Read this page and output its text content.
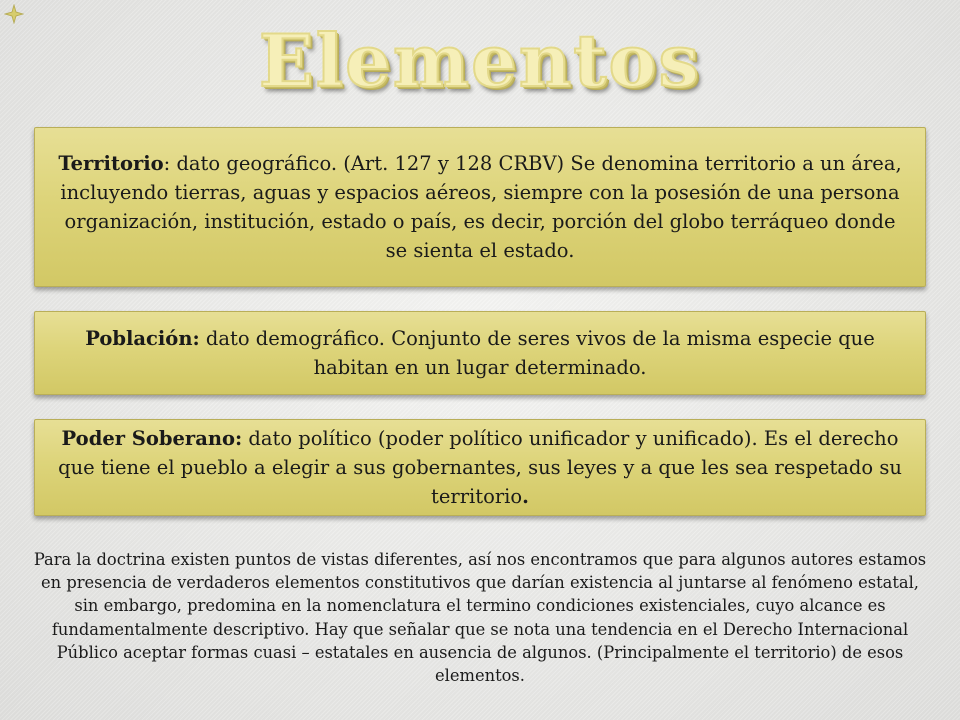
Elementos
Territorio: dato geográfico. (Art. 127 y 128 CRBV) Se denomina territorio a un área, incluyendo tierras, aguas y espacios aéreos, siempre con la posesión de una persona organización, institución, estado o país, es decir, porción del globo terráqueo donde se sienta el estado.
Población: dato demográfico. Conjunto de seres vivos de la misma especie que habitan en un lugar determinado.
Poder Soberano: dato político (poder político unificador y unificado). Es el derecho que tiene el pueblo a elegir a sus gobernantes, sus leyes y a que les sea respetado su territorio.
Para la doctrina existen puntos de vistas diferentes, así nos encontramos que para algunos autores estamos en presencia de verdaderos elementos constitutivos que darían existencia al juntarse al fenómeno estatal, sin embargo, predomina en la nomenclatura el termino condiciones existenciales, cuyo alcance es fundamentalmente descriptivo. Hay que señalar que se nota una tendencia en el Derecho Internacional Público aceptar formas cuasi – estatales en ausencia de algunos. (Principalmente el territorio) de esos elementos.
